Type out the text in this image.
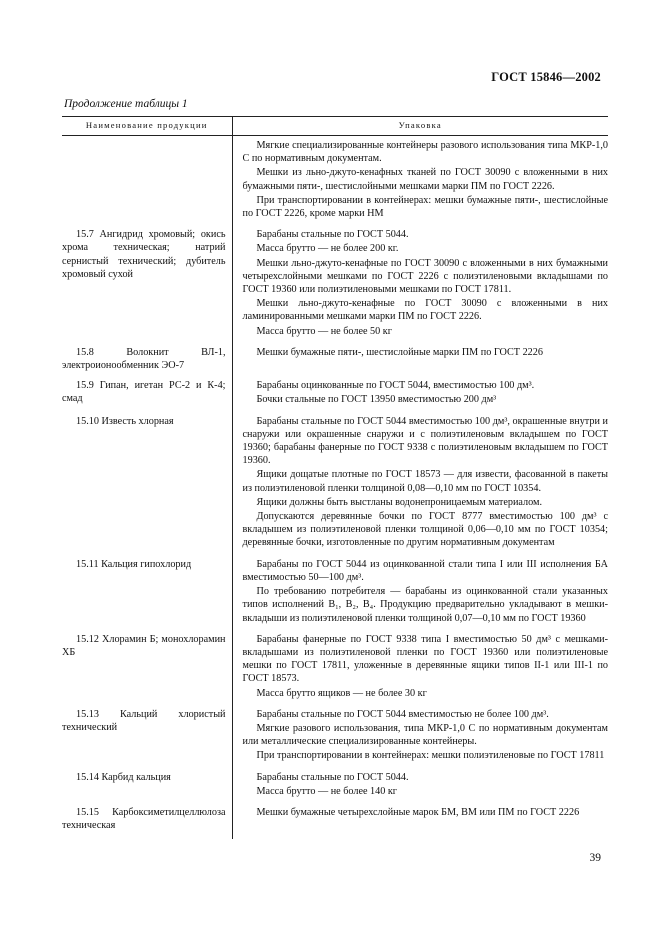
ГОСТ 15846—2002
Продолжение таблицы 1
Наименование продукции	Упаковка

	Мягкие специализированные контейнеры разового использования типа МКР-1,0 С по нормативным документам.

Мешки из льно-джуто-кенафных тканей по ГОСТ 30090 с вложенными в них бумажными пяти-, шестислойными мешками марки ПМ по ГОСТ 2226.

При транспортировании в контейнерах: мешки бумажные пяти-, шестислойные по ГОСТ 2226, кроме марки НМ

15.7 Ангидрид хромовый; окись хрома техническая; натрий сернистый технический; дубитель хромовый сухой	Барабаны стальные по ГОСТ 5044.

Масса брутто — не более 200 кг.

Мешки льно-джуто-кенафные по ГОСТ 30090 с вложенными в них бумажными четырехслойными мешками по ГОСТ 2226 с полиэтиленовыми вкладышами по ГОСТ 19360 или полиэтиленовыми мешками по ГОСТ 17811.

Мешки льно-джуто-кенафные по ГОСТ 30090 с вложенными в них ламинированными мешками марки ПМ по ГОСТ 2226.

Масса брутто — не более 50 кг

15.8 Волокнит ВЛ-1, электроионообменник ЭО-7	Мешки бумажные пяти-, шестислойные марки ПМ по ГОСТ 2226

15.9 Гипан, игетан РС-2 и К-4; смад	Барабаны оцинкованные по ГОСТ 5044, вместимостью 100 дм³.

Бочки стальные по ГОСТ 13950 вместимостью 200 дм³

15.10 Известь хлорная	Барабаны стальные по ГОСТ 5044 вместимостью 100 дм³, окрашенные внутри и снаружи или окрашенные снаружи и с полиэтиленовым вкладышем по ГОСТ 19360; барабаны фанерные по ГОСТ 9338 с полиэтиленовым вкладышем по ГОСТ 19360.

Ящики дощатые плотные по ГОСТ 18573 — для извести, фасованной в пакеты из полиэтиленовой пленки толщиной 0,08—0,10 мм по ГОСТ 10354.

Ящики должны быть выстланы водонепроницаемым материалом.

Допускаются деревянные бочки по ГОСТ 8777 вместимостью 100 дм³ с вкладышем из полиэтиленовой пленки толщиной 0,06—0,10 мм по ГОСТ 10354; деревянные бочки, изготовленные по другим нормативным документам

15.11 Кальция гипохлорид	Барабаны по ГОСТ 5044 из оцинкованной стали типа I или III исполнения БА вместимостью 50—100 дм³.

По требованию потребителя — барабаны из оцинкованной стали указанных типов исполнений В₁, В₂, В₄. Продукцию предварительно укладывают в мешки-вкладыши из полиэтиленовой пленки толщиной 0,07—0,10 мм по ГОСТ 19360

15.12 Хлорамин Б; монохлорамин ХБ	Барабаны фанерные по ГОСТ 9338 типа I вместимостью 50 дм³ с мешками-вкладышами из полиэтиленовой пленки по ГОСТ 19360 или полиэтиленовые мешки по ГОСТ 17811, уложенные в деревянные ящики типов II-1 или III-1 по ГОСТ 18573.

Масса брутто ящиков — не более 30 кг

15.13 Кальций хлористый технический	Барабаны стальные по ГОСТ 5044 вместимостью не более 100 дм³.

Мягкие разового использования, типа МКР-1,0 С по нормативным документам или металлические специализированные контейнеры.

При транспортировании в контейнерах: мешки полиэтиленовые по ГОСТ 17811

15.14 Карбид кальция	Барабаны стальные по ГОСТ 5044.

Масса брутто — не более 140 кг

15.15 Карбоксиметилцеллюлоза техническая	Мешки бумажные четырехслойные марок БМ, ВМ или ПМ по ГОСТ 2226

39
